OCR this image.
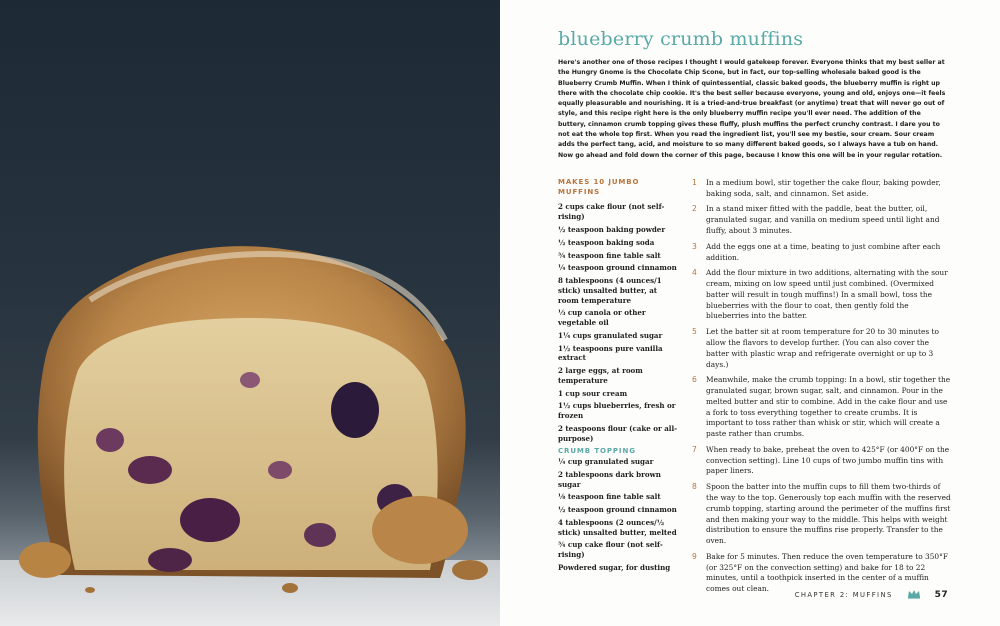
blueberry crumb muffins

Here's another one of those recipes I thought I would gatekeep forever. Everyone thinks that my best seller at the Hungry Gnome is the Chocolate Chip Scone, but in fact, our top-selling wholesale baked good is the Blueberry Crumb Muffin. When I think of quintessential, classic baked goods, the blueberry muffin is right up there with the chocolate chip cookie. It's the best seller because everyone, young and old, enjoys one—it feels equally pleasurable and nourishing. It is a tried-and-true breakfast (or anytime) treat that will never go out of style, and this recipe right here is the only blueberry muffin recipe you'll ever need. The addition of the buttery, cinnamon crumb topping gives these fluffy, plush muffins the perfect crunchy contrast. I dare you to not eat the whole top first. When you read the ingredient list, you'll see my bestie, sour cream. Sour cream adds the perfect tang, acid, and moisture to so many different baked goods, so I always have a tub on hand. Now go ahead and fold down the corner of this page, because I know this one will be in your regular rotation.

MAKES 10 JUMBO MUFFINS
2 cups cake flour (not self-rising)
½ teaspoon baking powder
½ teaspoon baking soda
¾ teaspoon fine table salt
¼ teaspoon ground cinnamon
8 tablespoons (4 ounces/1 stick) unsalted butter, at room temperature
⅓ cup canola or other vegetable oil
1¼ cups granulated sugar
1½ teaspoons pure vanilla extract
2 large eggs, at room temperature
1 cup sour cream
1½ cups blueberries, fresh or frozen
2 teaspoons flour (cake or all-purpose)
CRUMB TOPPING
¼ cup granulated sugar
2 tablespoons dark brown sugar
⅛ teaspoon fine table salt
½ teaspoon ground cinnamon
4 tablespoons (2 ounces/½ stick) unsalted butter, melted
¾ cup cake flour (not self-rising)
Powdered sugar, for dusting
1 In a medium bowl, stir together the cake flour, baking powder, baking soda, salt, and cinnamon. Set aside.
2 In a stand mixer fitted with the paddle, beat the butter, oil, granulated sugar, and vanilla on medium speed until light and fluffy, about 3 minutes.
3 Add the eggs one at a time, beating to just combine after each addition.
4 Add the flour mixture in two additions, alternating with the sour cream, mixing on low speed until just combined. (Overmixed batter will result in tough muffins!) In a small bowl, toss the blueberries with the flour to coat, then gently fold the blueberries into the batter.
5 Let the batter sit at room temperature for 20 to 30 minutes to allow the flavors to develop further. (You can also cover the batter with plastic wrap and refrigerate overnight or up to 3 days.)
6 Meanwhile, make the crumb topping: In a bowl, stir together the granulated sugar, brown sugar, salt, and cinnamon. Pour in the melted butter and stir to combine. Add in the cake flour and use a fork to toss everything together to create crumbs. It is important to toss rather than whisk or stir, which will create a paste rather than crumbs.
7 When ready to bake, preheat the oven to 425°F (or 400°F on the convection setting). Line 10 cups of two jumbo muffin tins with paper liners.
8 Spoon the batter into the muffin cups to fill them two-thirds of the way to the top. Generously top each muffin with the reserved crumb topping, starting around the perimeter of the muffins first and then making your way to the middle. This helps with weight distribution to ensure the muffins rise properly. Transfer to the oven.
9 Bake for 5 minutes. Then reduce the oven temperature to 350°F (or 325°F on the convection setting) and bake for 18 to 22 minutes, until a toothpick inserted in the center of a muffin comes out clean.
CHAPTER 2: MUFFINS	57
